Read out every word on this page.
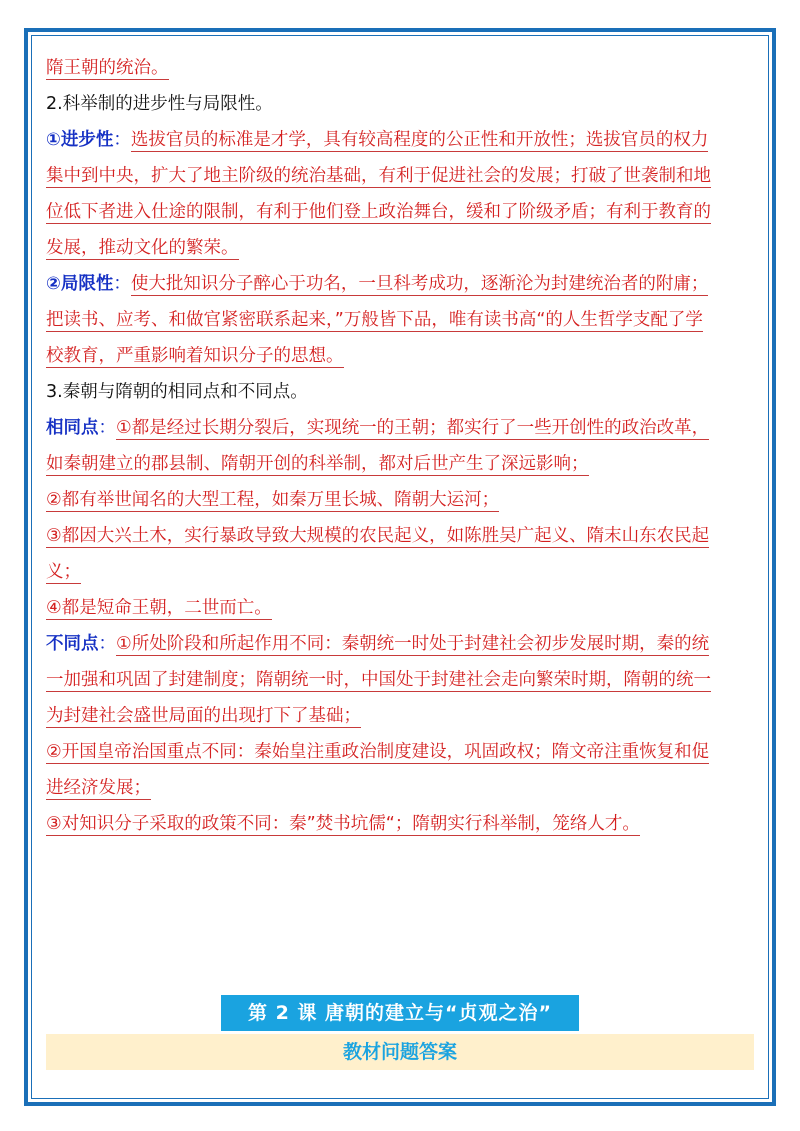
隋王朝的统治。
2.科举制的进步性与局限性。
①进步性：选拔官员的标准是才学，具有较高程度的公正性和开放性；选拔官员的权力
集中到中央，扩大了地主阶级的统治基础，有利于促进社会的发展；打破了世袭制和地
位低下者进入仕途的限制，有利于他们登上政治舞台，缓和了阶级矛盾；有利于教育的
发展，推动文化的繁荣。
②局限性：使大批知识分子醉心于功名，一旦科考成功，逐渐沦为封建统治者的附庸；
把读书、应考、和做官紧密联系起来，”万般皆下品，唯有读书高“的人生哲学支配了学
校教育，严重影响着知识分子的思想。
3.秦朝与隋朝的相同点和不同点。
相同点：①都是经过长期分裂后，实现统一的王朝；都实行了一些开创性的政治改革，
如秦朝建立的郡县制、隋朝开创的科举制，都对后世产生了深远影响；
②都有举世闻名的大型工程，如秦万里长城、隋朝大运河；
③都因大兴土木，实行暴政导致大规模的农民起义，如陈胜吴广起义、隋末山东农民起
义；
④都是短命王朝，二世而亡。
不同点：①所处阶段和所起作用不同：秦朝统一时处于封建社会初步发展时期，秦的统
一加强和巩固了封建制度；隋朝统一时，中国处于封建社会走向繁荣时期，隋朝的统一
为封建社会盛世局面的出现打下了基础；
②开国皇帝治国重点不同：秦始皇注重政治制度建设，巩固政权；隋文帝注重恢复和促
进经济发展；
③对知识分子采取的政策不同：秦”焚书坑儒“；隋朝实行科举制，笼络人才。
第 2 课 唐朝的建立与“贞观之治”
教材问题答案
